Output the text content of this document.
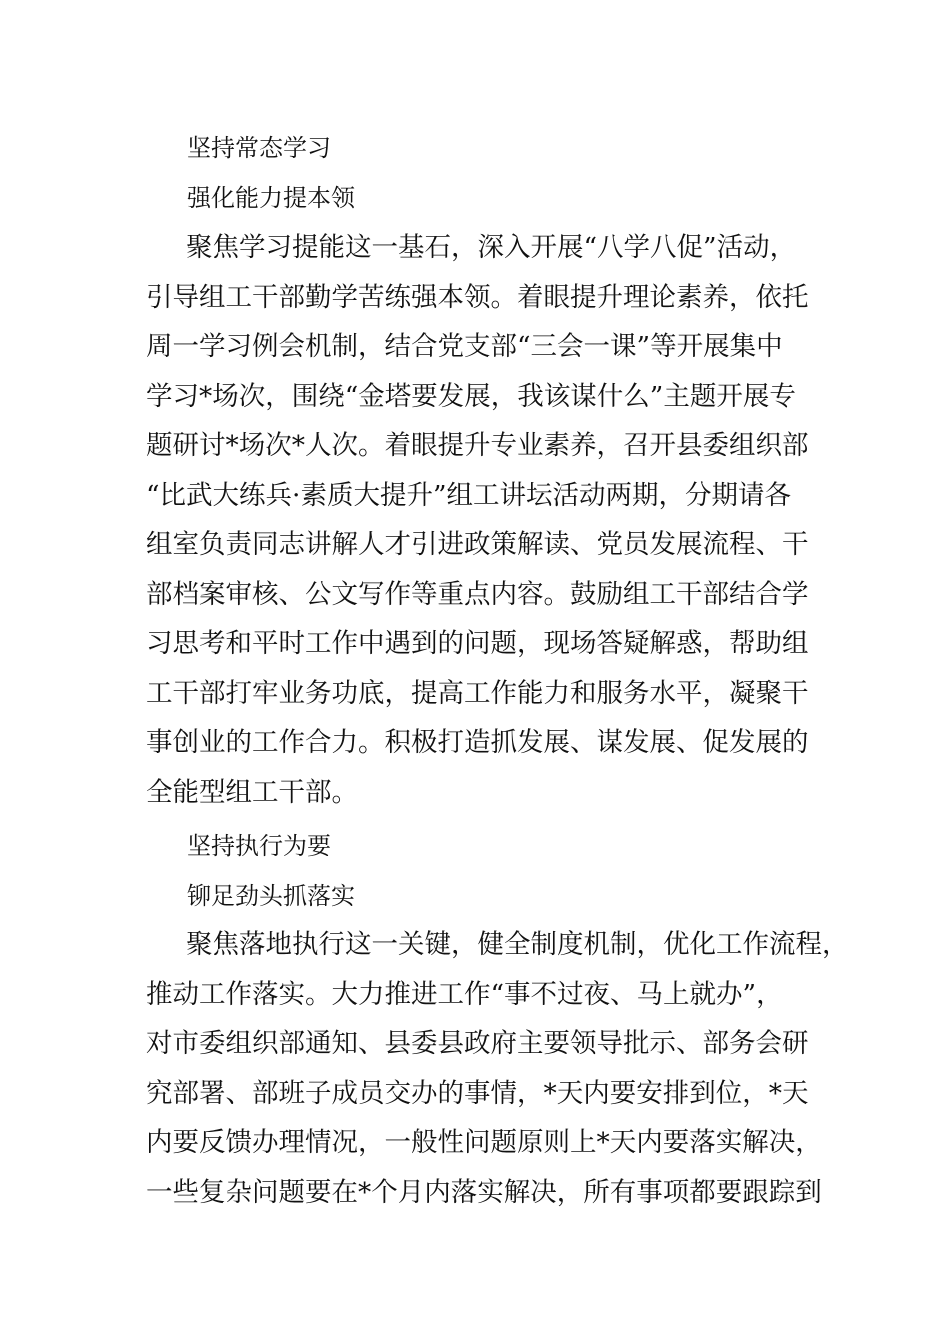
坚持常态学习
强化能力提本领
聚焦学习提能这一基石，深入开展“八学八促”活动，
引导组工干部勤学苦练强本领。着眼提升理论素养，依托
周一学习例会机制，结合党支部“三会一课”等开展集中
学习*场次，围绕“金塔要发展，我该谋什么”主题开展专
题研讨*场次*人次。着眼提升专业素养，召开县委组织部
“比武大练兵·素质大提升”组工讲坛活动两期，分期请各
组室负责同志讲解人才引进政策解读、党员发展流程、干
部档案审核、公文写作等重点内容。鼓励组工干部结合学
习思考和平时工作中遇到的问题，现场答疑解惑，帮助组
工干部打牢业务功底，提高工作能力和服务水平，凝聚干
事创业的工作合力。积极打造抓发展、谋发展、促发展的
全能型组工干部。
坚持执行为要
铆足劲头抓落实
聚焦落地执行这一关键，健全制度机制，优化工作流程，
推动工作落实。大力推进工作“事不过夜、马上就办”，
对市委组织部通知、县委县政府主要领导批示、部务会研
究部署、部班子成员交办的事情，*天内要安排到位，*天
内要反馈办理情况，一般性问题原则上*天内要落实解决，
一些复杂问题要在*个月内落实解决，所有事项都要跟踪到
